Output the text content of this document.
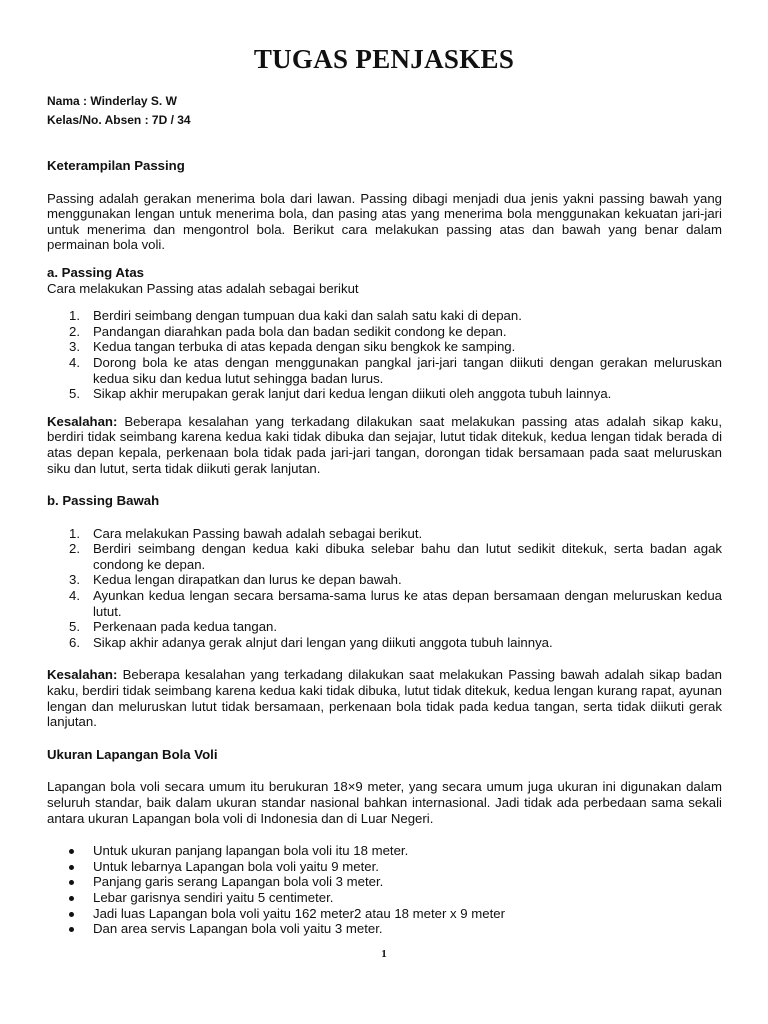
TUGAS PENJASKES

Nama : Winderlay S. W

Kelas/No. Absen : 7D / 34

Keterampilan Passing

Passing adalah gerakan menerima bola dari lawan. Passing dibagi menjadi dua jenis yakni passing bawah yang menggunakan lengan untuk menerima bola, dan pasing atas yang menerima bola menggunakan kekuatan jari-jari untuk menerima dan mengontrol bola. Berikut cara melakukan passing atas dan bawah yang benar dalam permainan bola voli.

a. Passing Atas

Cara melakukan Passing atas adalah sebagai berikut

1. Berdiri seimbang dengan tumpuan dua kaki dan salah satu kaki di depan.
2. Pandangan diarahkan pada bola dan badan sedikit condong ke depan.
3. Kedua tangan terbuka di atas kepada dengan siku bengkok ke samping.
4. Dorong bola ke atas dengan menggunakan pangkal jari-jari tangan diikuti dengan gerakan meluruskan kedua siku dan kedua lutut sehingga badan lurus.
5. Sikap akhir merupakan gerak lanjut dari kedua lengan diikuti oleh anggota tubuh lainnya.

Kesalahan: Beberapa kesalahan yang terkadang dilakukan saat melakukan passing atas adalah sikap kaku, berdiri tidak seimbang karena kedua kaki tidak dibuka dan sejajar, lutut tidak ditekuk, kedua lengan tidak berada di atas depan kepala, perkenaan bola tidak pada jari-jari tangan, dorongan tidak bersamaan pada saat meluruskan siku dan lutut, serta tidak diikuti gerak lanjutan.

b. Passing Bawah

1. Cara melakukan Passing bawah adalah sebagai berikut.
2. Berdiri seimbang dengan kedua kaki dibuka selebar bahu dan lutut sedikit ditekuk, serta badan agak condong ke depan.
3. Kedua lengan dirapatkan dan lurus ke depan bawah.
4. Ayunkan kedua lengan secara bersama-sama lurus ke atas depan bersamaan dengan meluruskan kedua lutut.
5. Perkenaan pada kedua tangan.
6. Sikap akhir adanya gerak alnjut dari lengan yang diikuti anggota tubuh lainnya.

Kesalahan: Beberapa kesalahan yang terkadang dilakukan saat melakukan Passing bawah adalah sikap badan kaku, berdiri tidak seimbang karena kedua kaki tidak dibuka, lutut tidak ditekuk, kedua lengan kurang rapat, ayunan lengan dan meluruskan lutut tidak bersamaan, perkenaan bola tidak pada kedua tangan, serta tidak diikuti gerak lanjutan.

Ukuran Lapangan Bola Voli

Lapangan bola voli secara umum itu berukuran 18×9 meter, yang secara umum juga ukuran ini digunakan dalam seluruh standar, baik dalam ukuran standar nasional bahkan internasional. Jadi tidak ada perbedaan sama sekali antara ukuran Lapangan bola voli di Indonesia dan di Luar Negeri.

Untuk ukuran panjang lapangan bola voli itu 18 meter.
Untuk lebarnya Lapangan bola voli yaitu 9 meter.
Panjang garis serang Lapangan bola voli 3 meter.
Lebar garisnya sendiri yaitu 5 centimeter.
Jadi luas Lapangan bola voli yaitu 162 meter2 atau 18 meter x 9 meter
Dan area servis Lapangan bola voli yaitu 3 meter.
1
